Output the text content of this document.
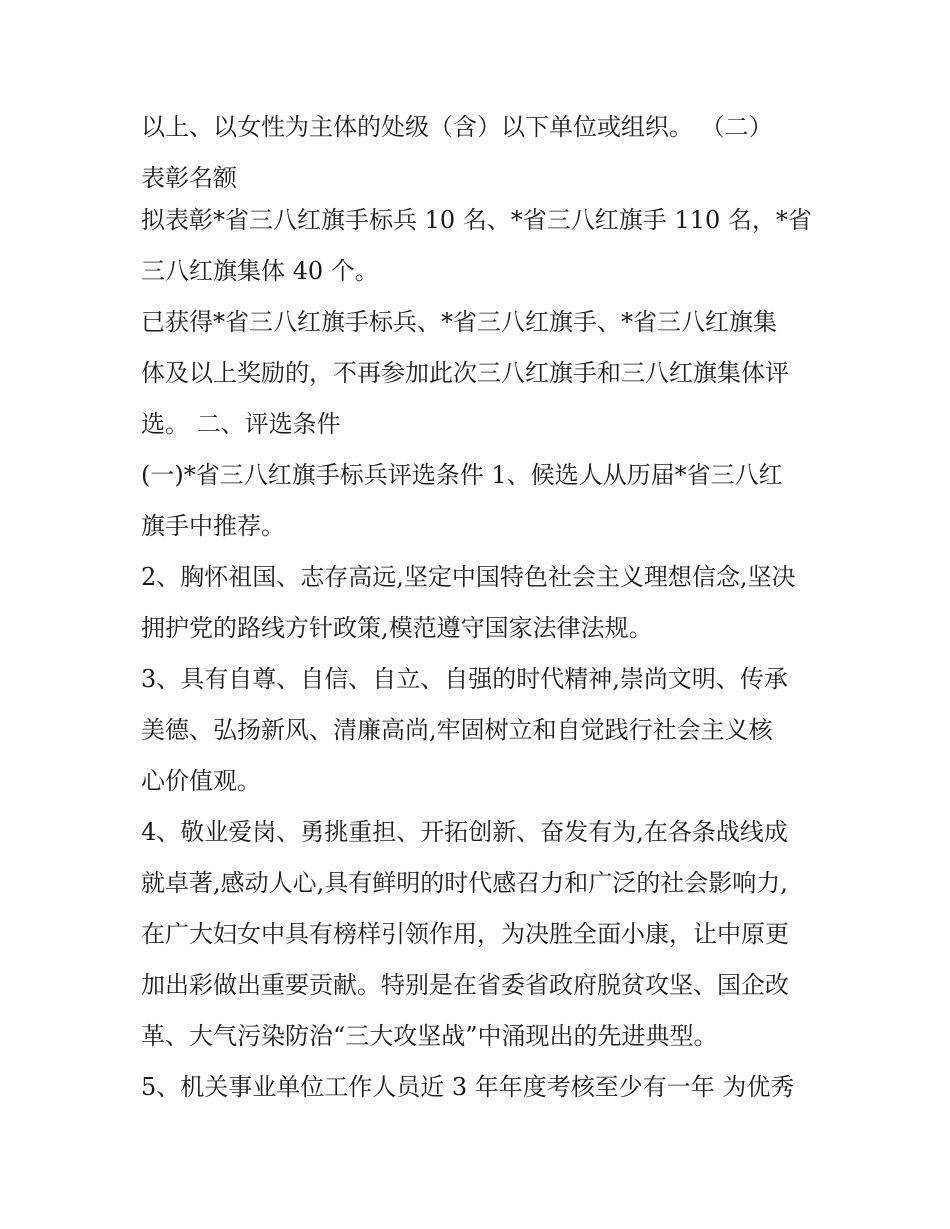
以上、以女性为主体的处级（含）以下单位或组织。 （二）
表彰名额
拟表彰*省三八红旗手标兵 10 名、*省三八红旗手 110 名，*省
三八红旗集体 40 个。
已获得*省三八红旗手标兵、*省三八红旗手、*省三八红旗集
体及以上奖励的，不再参加此次三八红旗手和三八红旗集体评
选。 二、评选条件
(一)*省三八红旗手标兵评选条件 1、候选人从历届*省三八红
旗手中推荐。
2、胸怀祖国、志存高远,坚定中国特色社会主义理想信念,坚决
拥护党的路线方针政策,模范遵守国家法律法规。
3、具有自尊、自信、自立、自强的时代精神,崇尚文明、传承
美德、弘扬新风、清廉高尚,牢固树立和自觉践行社会主义核
心价值观。
4、敬业爱岗、勇挑重担、开拓创新、奋发有为,在各条战线成
就卓著,感动人心,具有鲜明的时代感召力和广泛的社会影响力,
在广大妇女中具有榜样引领作用，为决胜全面小康，让中原更
加出彩做出重要贡献。特别是在省委省政府脱贫攻坚、国企改
革、大气污染防治“三大攻坚战”中涌现出的先进典型。
5、机关事业单位工作人员近 3 年年度考核至少有一年 为优秀
